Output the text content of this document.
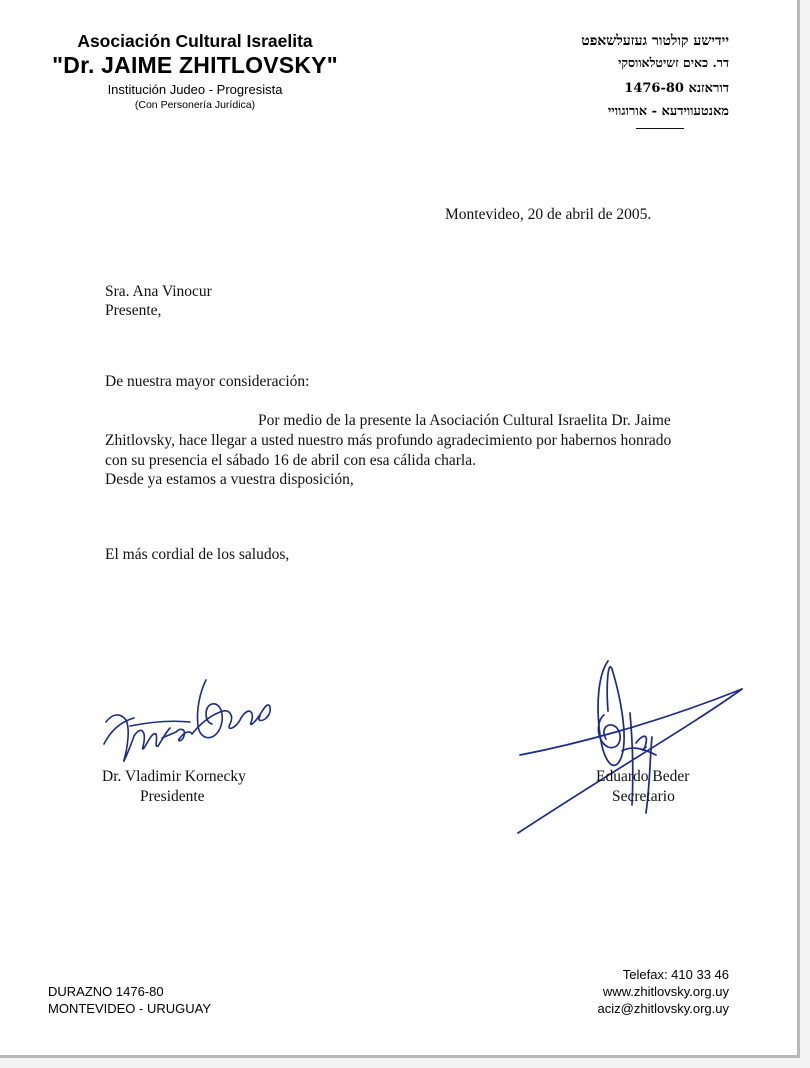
Asociación Cultural Israelita
"Dr. JAIME ZHITLOVSKY"
Institución Judeo - Progresista
(Con Personería Jurídica)
יידישע קולטור געזעלשאפט
דר. כאים זשיטלאווסקי
דוראזנא 1476-80
מאנטעווידעא - אורוגוויי
Montevideo, 20 de abril de 2005.
Sra. Ana Vinocur
Presente,
De nuestra mayor consideración:
Por medio de la presente la Asociación Cultural Israelita Dr. Jaime
Zhitlovsky, hace llegar a usted nuestro más profundo agradecimiento por habernos honrado
con su presencia el sábado 16 de abril con esa cálida charla.
Desde ya estamos a vuestra disposición,
El más cordial de los saludos,
Dr. Vladimir Kornecky
Presidente
Eduardo Beder
Secretario
DURAZNO 1476-80
MONTEVIDEO - URUGUAY
Telefax: 410 33 46
www.zhitlovsky.org.uy
aciz@zhitlovsky.org.uy
